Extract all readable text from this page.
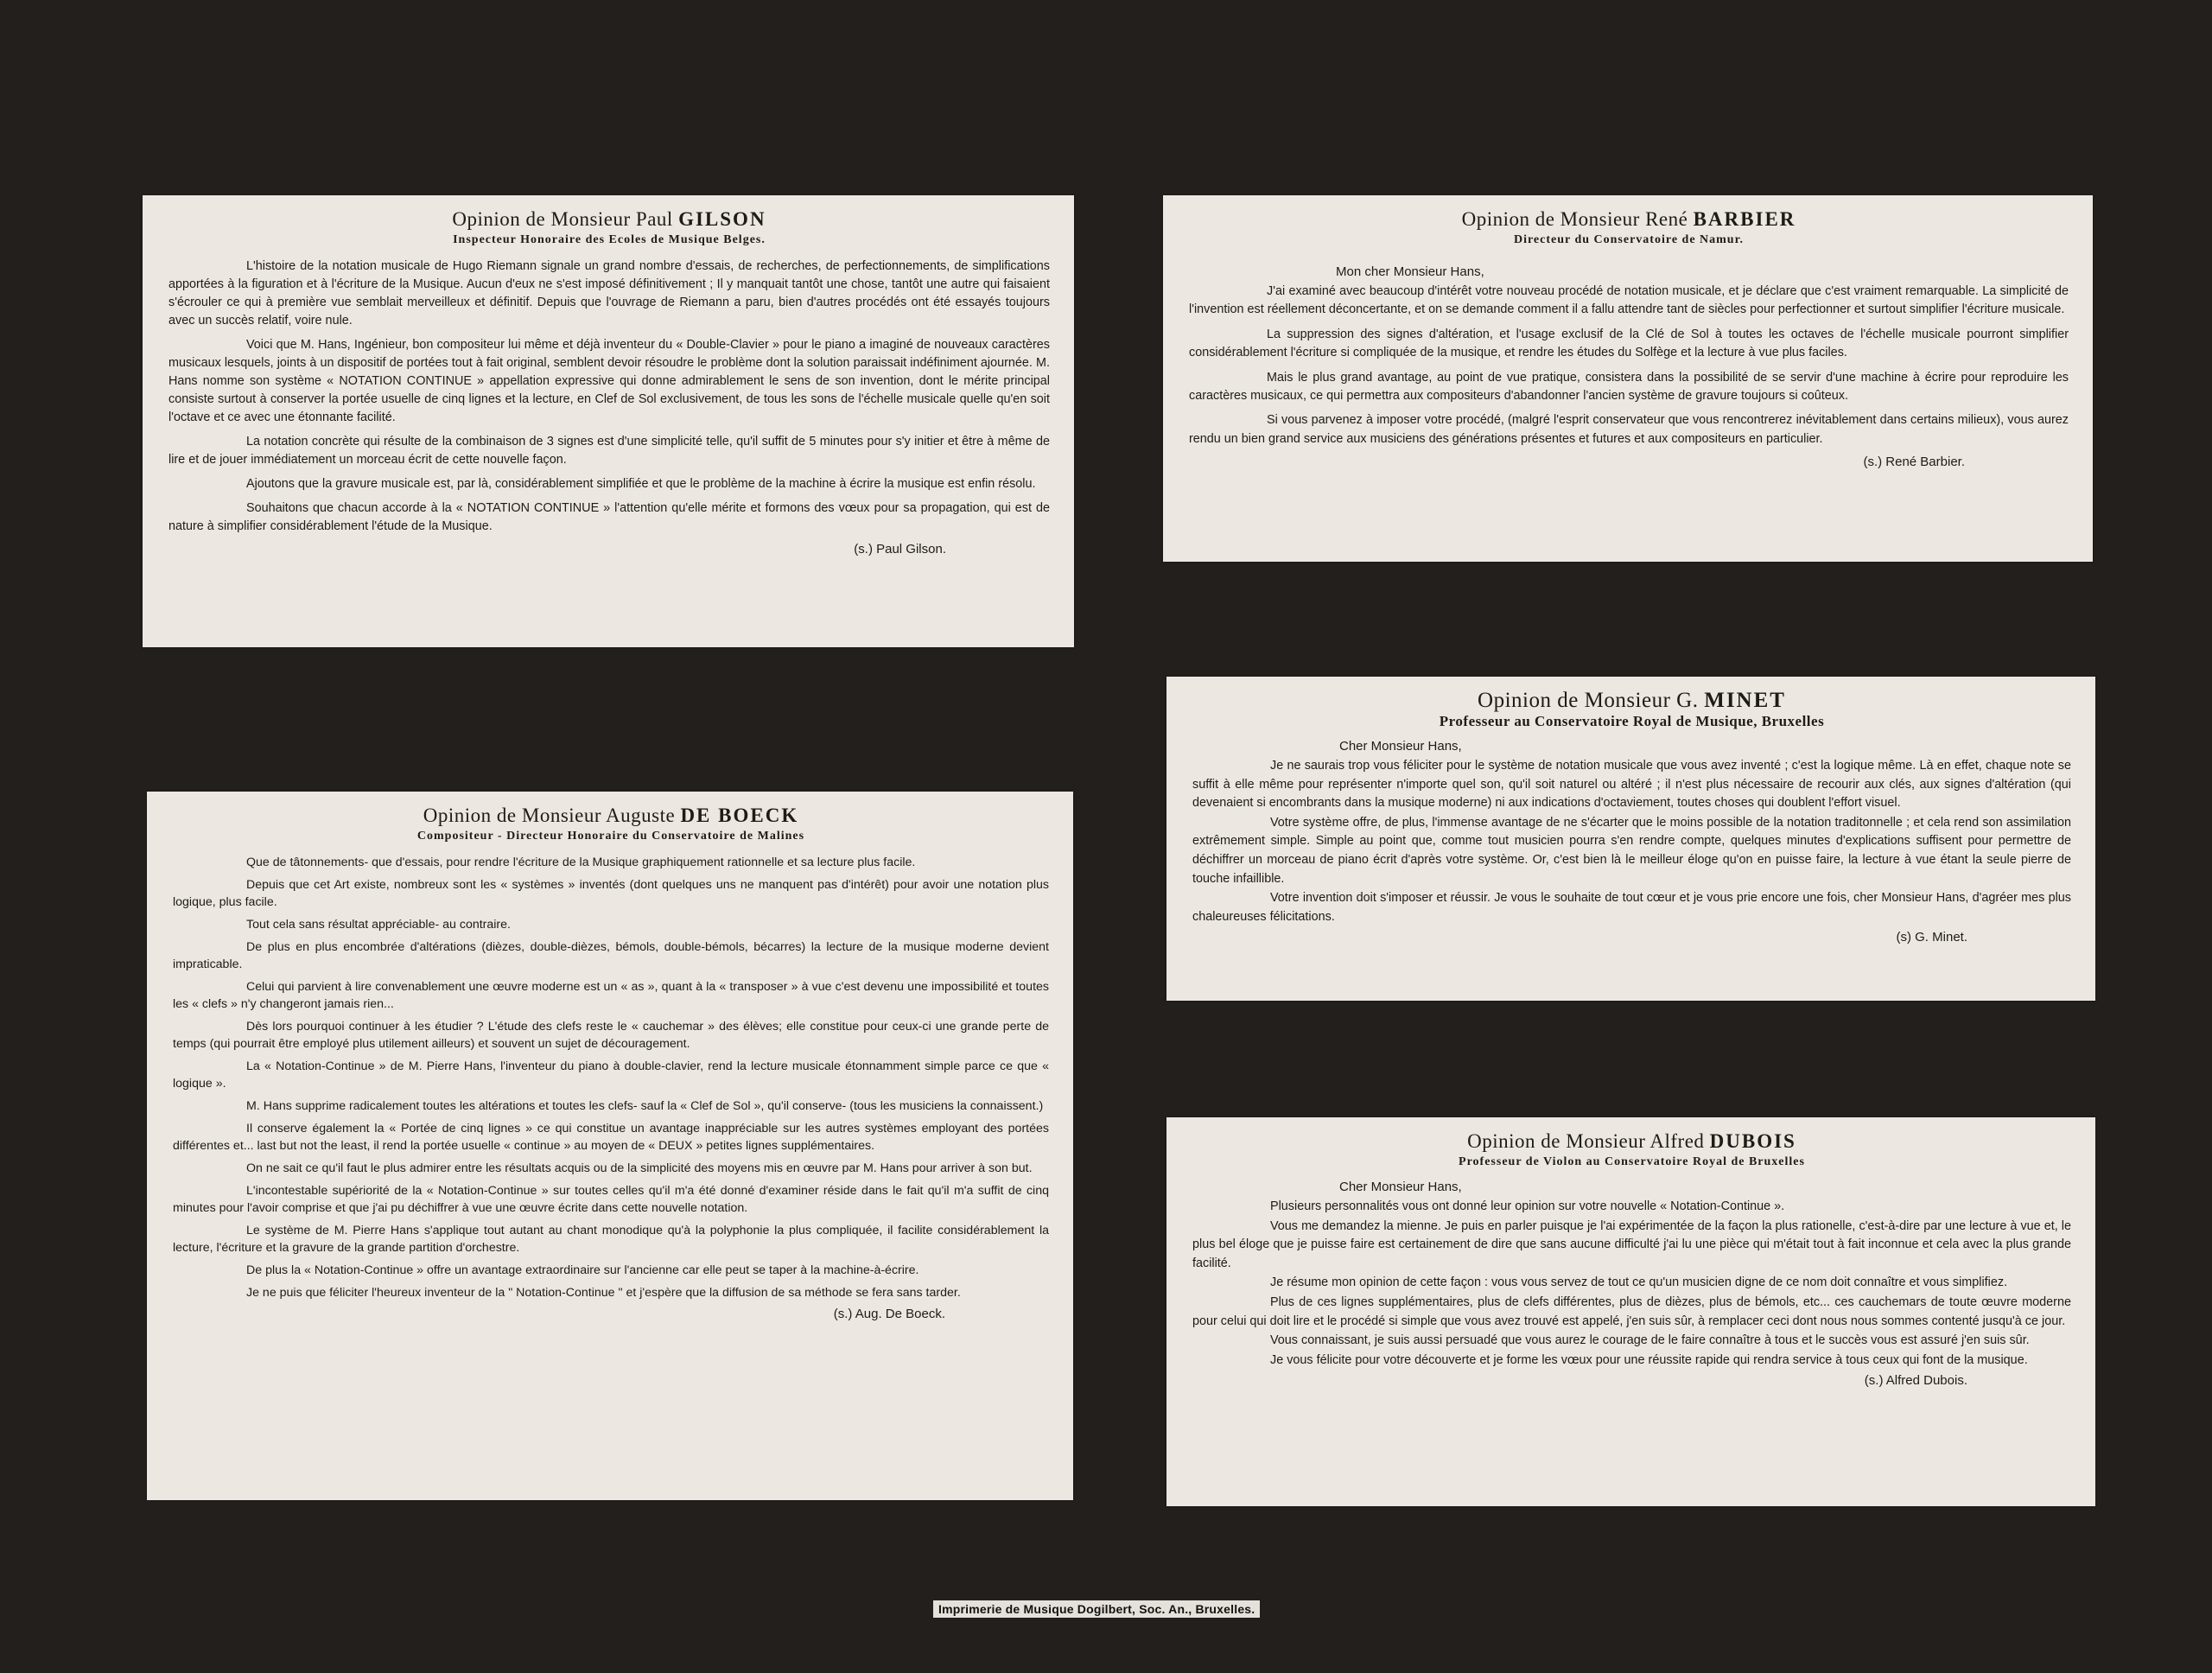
Opinion de Monsieur Paul GILSON
Inspecteur Honoraire des Ecoles de Musique Belges.

L'histoire de la notation musicale de Hugo Riemann signale un grand nombre d'essais, de recherches, de perfectionnements, de simplifications apportées à la figuration et à l'écriture de la Musique. Aucun d'eux ne s'est imposé définitivement ; Il y manquait tantôt une chose, tantôt une autre qui faisaient s'écrouler ce qui à première vue semblait merveilleux et définitif. Depuis que l'ouvrage de Riemann a paru, bien d'autres procédés ont été essayés toujours avec un succès relatif, voire nule.

Voici que M. Hans, Ingénieur, bon compositeur lui même et déjà inventeur du « Double-Clavier » pour le piano a imaginé de nouveaux caractères musicaux lesquels, joints à un dispositif de portées tout à fait original, semblent devoir résoudre le problème dont la solution paraissait indéfiniment ajournée. M. Hans nomme son système « NOTATION CONTINUE » appellation expressive qui donne admirablement le sens de son invention, dont le mérite principal consiste surtout à conserver la portée usuelle de cinq lignes et la lecture, en Clef de Sol exclusivement, de tous les sons de l'échelle musicale quelle qu'en soit l'octave et ce avec une étonnante facilité.

La notation concrète qui résulte de la combinaison de 3 signes est d'une simplicité telle, qu'il suffit de 5 minutes pour s'y initier et être à même de lire et de jouer immédiatement un morceau écrit de cette nouvelle façon.

Ajoutons que la gravure musicale est, par là, considérablement simplifiée et que le problème de la machine à écrire la musique est enfin résolu.

Souhaitons que chacun accorde à la « NOTATION CONTINUE » l'attention qu'elle mérite et formons des vœux pour sa propagation, qui est de nature à simplifier considérablement l'étude de la Musique.

(s.) Paul Gilson.
Opinion de Monsieur Auguste DE BOECK
Compositeur - Directeur Honoraire du Conservatoire de Malines

Que de tâtonnements- que d'essais, pour rendre l'écriture de la Musique graphiquement rationnelle et sa lecture plus facile.

Depuis que cet Art existe, nombreux sont les « systèmes » inventés (dont quelques uns ne manquent pas d'intérêt) pour avoir une notation plus logique, plus facile.

Tout cela sans résultat appréciable- au contraire.

De plus en plus encombrée d'altérations (dièzes, double-dièzes, bémols, double-bémols, bécarres) la lecture de la musique moderne devient impraticable.

Celui qui parvient à lire convenablement une œuvre moderne est un « as », quant à la « transposer » à vue c'est devenu une impossibilité et toutes les « clefs » n'y changeront jamais rien...

Dès lors pourquoi continuer à les étudier ? L'étude des clefs reste le « cauchemar » des élèves; elle constitue pour ceux-ci une grande perte de temps (qui pourrait être employé plus utilement ailleurs) et souvent un sujet de découragement.

La « Notation-Continue » de M. Pierre Hans, l'inventeur du piano à double-clavier, rend la lecture musicale étonnamment simple parce ce que « logique ».

M. Hans supprime radicalement toutes les altérations et toutes les clefs- sauf la « Clef de Sol », qu'il conserve- (tous les musiciens la connaissent.)

Il conserve également la « Portée de cinq lignes » ce qui constitue un avantage inappréciable sur les autres systèmes employant des portées différentes et... last but not the least, il rend la portée usuelle « continue » au moyen de « DEUX » petites lignes supplémentaires.

On ne sait ce qu'il faut le plus admirer entre les résultats acquis ou de la simplicité des moyens mis en œuvre par M. Hans pour arriver à son but.

L'incontestable supériorité de la « Notation-Continue » sur toutes celles qu'il m'a été donné d'examiner réside dans le fait qu'il m'a suffit de cinq minutes pour l'avoir comprise et que j'ai pu déchiffrer à vue une œuvre écrite dans cette nouvelle notation.

Le système de M. Pierre Hans s'applique tout autant au chant monodique qu'à la polyphonie la plus compliquée, il facilite considérablement la lecture, l'écriture et la gravure de la grande partition d'orchestre.

De plus la « Notation-Continue » offre un avantage extraordinaire sur l'ancienne car elle peut se taper à la machine-à-écrire.

Je ne puis que féliciter l'heureux inventeur de la " Notation-Continue " et j'espère que la diffusion de sa méthode se fera sans tarder.

(s.) Aug. De Boeck.
Opinion de Monsieur René BARBIER
Directeur du Conservatoire de Namur.
Mon cher Monsieur Hans,

J'ai examiné avec beaucoup d'intérêt votre nouveau procédé de notation musicale, et je déclare que c'est vraiment remarquable. La simplicité de l'invention est réellement déconcertante, et on se demande comment il a fallu attendre tant de siècles pour perfectionner et surtout simplifier l'écriture musicale.

La suppression des signes d'altération, et l'usage exclusif de la Clé de Sol à toutes les octaves de l'échelle musicale pourront simplifier considérablement l'écriture si compliquée de la musique, et rendre les études du Solfège et la lecture à vue plus faciles.

Mais le plus grand avantage, au point de vue pratique, consistera dans la possibilité de se servir d'une machine à écrire pour reproduire les caractères musicaux, ce qui permettra aux compositeurs d'abandonner l'ancien système de gravure toujours si coûteux.

Si vous parvenez à imposer votre procédé, (malgré l'esprit conservateur que vous rencontrerez inévitablement dans certains milieux), vous aurez rendu un bien grand service aux musiciens des générations présentes et futures et aux compositeurs en particulier.

(s.) René Barbier.
Opinion de Monsieur G. MINET
Professeur au Conservatoire Royal de Musique, Bruxelles
Cher Monsieur Hans,

Je ne saurais trop vous féliciter pour le système de notation musicale que vous avez inventé ; c'est la logique même. Là en effet, chaque note se suffit à elle même pour représenter n'importe quel son, qu'il soit naturel ou altéré ; il n'est plus nécessaire de recourir aux clés, aux signes d'altération (qui devenaient si encombrants dans la musique moderne) ni aux indications d'octaviement, toutes choses qui doublent l'effort visuel.

Votre système offre, de plus, l'immense avantage de ne s'écarter que le moins possible de la notation traditonnelle ; et cela rend son assimilation extrêmement simple. Simple au point que, comme tout musicien pourra s'en rendre compte, quelques minutes d'explications suffisent pour permettre de déchiffrer un morceau de piano écrit d'après votre système. Or, c'est bien là le meilleur éloge qu'on en puisse faire, la lecture à vue étant la seule pierre de touche infaillible.

Votre invention doit s'imposer et réussir. Je vous le souhaite de tout cœur et je vous prie encore une fois, cher Monsieur Hans, d'agréer mes plus chaleureuses félicitations.

(s) G. Minet.
Opinion de Monsieur Alfred DUBOIS
Professeur de Violon au Conservatoire Royal de Bruxelles
Cher Monsieur Hans,

Plusieurs personnalités vous ont donné leur opinion sur votre nouvelle « Notation-Continue ».

Vous me demandez la mienne. Je puis en parler puisque je l'ai expérimentée de la façon la plus rationelle, c'est-à-dire par une lecture à vue et, le plus bel éloge que je puisse faire est certainement de dire que sans aucune difficulté j'ai lu une pièce qui m'était tout à fait inconnue et cela avec la plus grande facilité.

Je résume mon opinion de cette façon : vous vous servez de tout ce qu'un musicien digne de ce nom doit connaître et vous simplifiez.

Plus de ces lignes supplémentaires, plus de clefs différentes, plus de dièzes, plus de bémols, etc... ces cauchemars de toute œuvre moderne pour celui qui doit lire et le procédé si simple que vous avez trouvé est appelé, j'en suis sûr, à remplacer ceci dont nous nous sommes contenté jusqu'à ce jour.

Vous connaissant, je suis aussi persuadé que vous aurez le courage de le faire connaître à tous et le succès vous est assuré j'en suis sûr.

Je vous félicite pour votre découverte et je forme les vœux pour une réussite rapide qui rendra service à tous ceux qui font de la musique.

(s.) Alfred Dubois.
Imprimerie de Musique Dogilbert, Soc. An., Bruxelles.
